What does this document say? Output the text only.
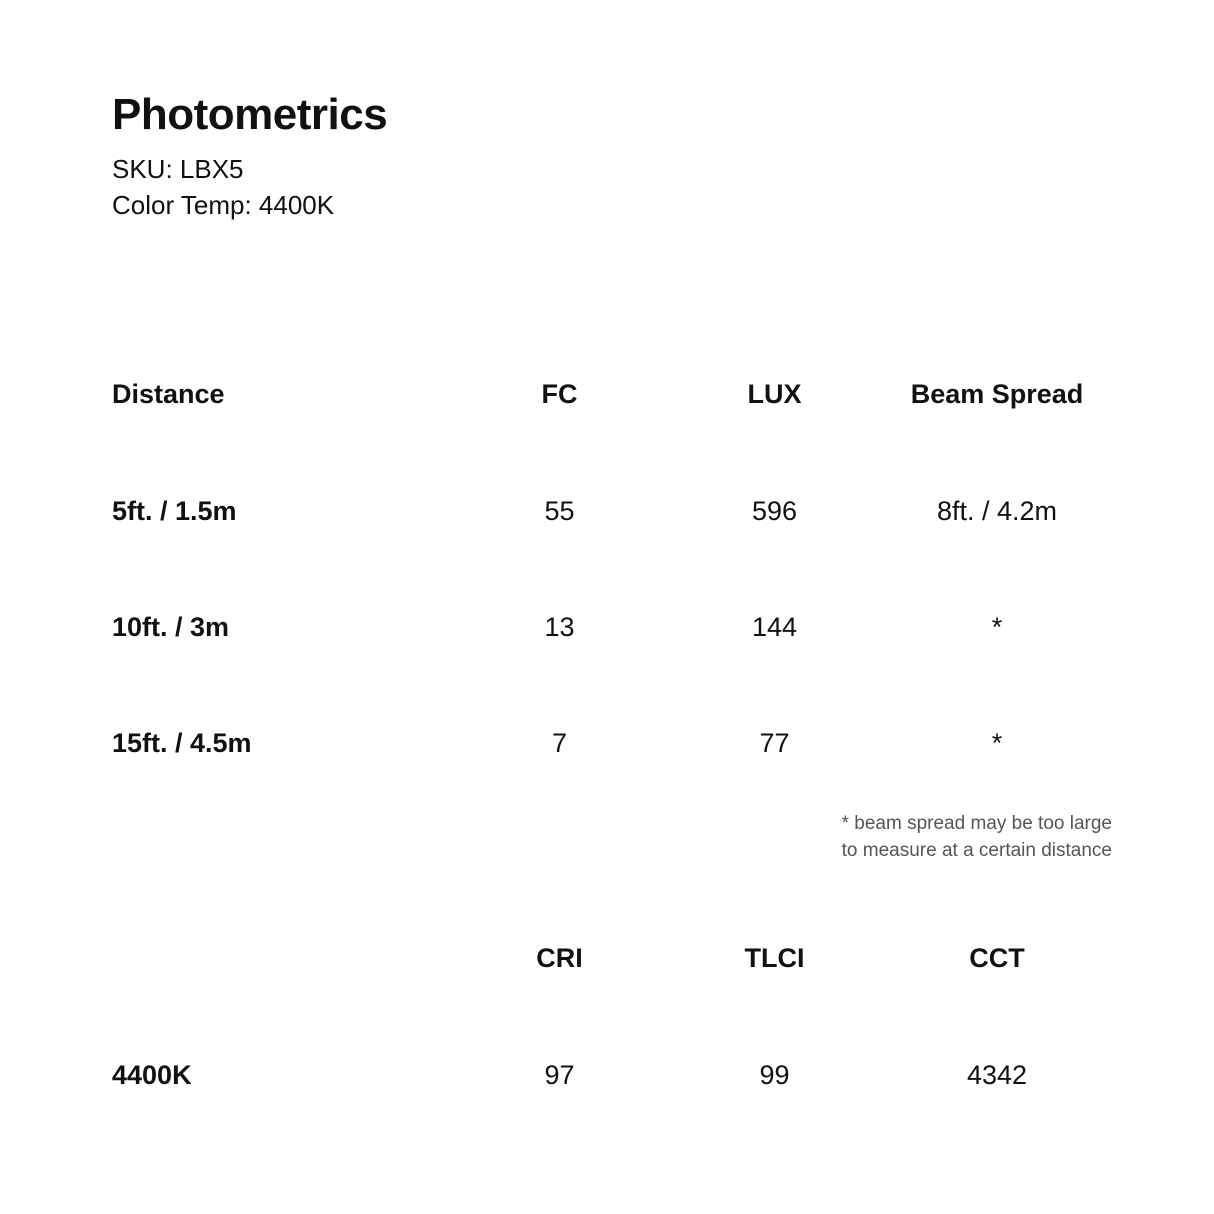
Photometrics
SKU: LBX5
Color Temp: 4400K
Distance	FC	LUX	Beam Spread
5ft. / 1.5m	55	596	8ft. / 4.2m
10ft. / 3m	13	144	*
15ft. / 4.5m	7	77	*
* beam spread may be too large
to measure at a certain distance
	CRI	TLCI	CCT
4400K	97	99	4342
